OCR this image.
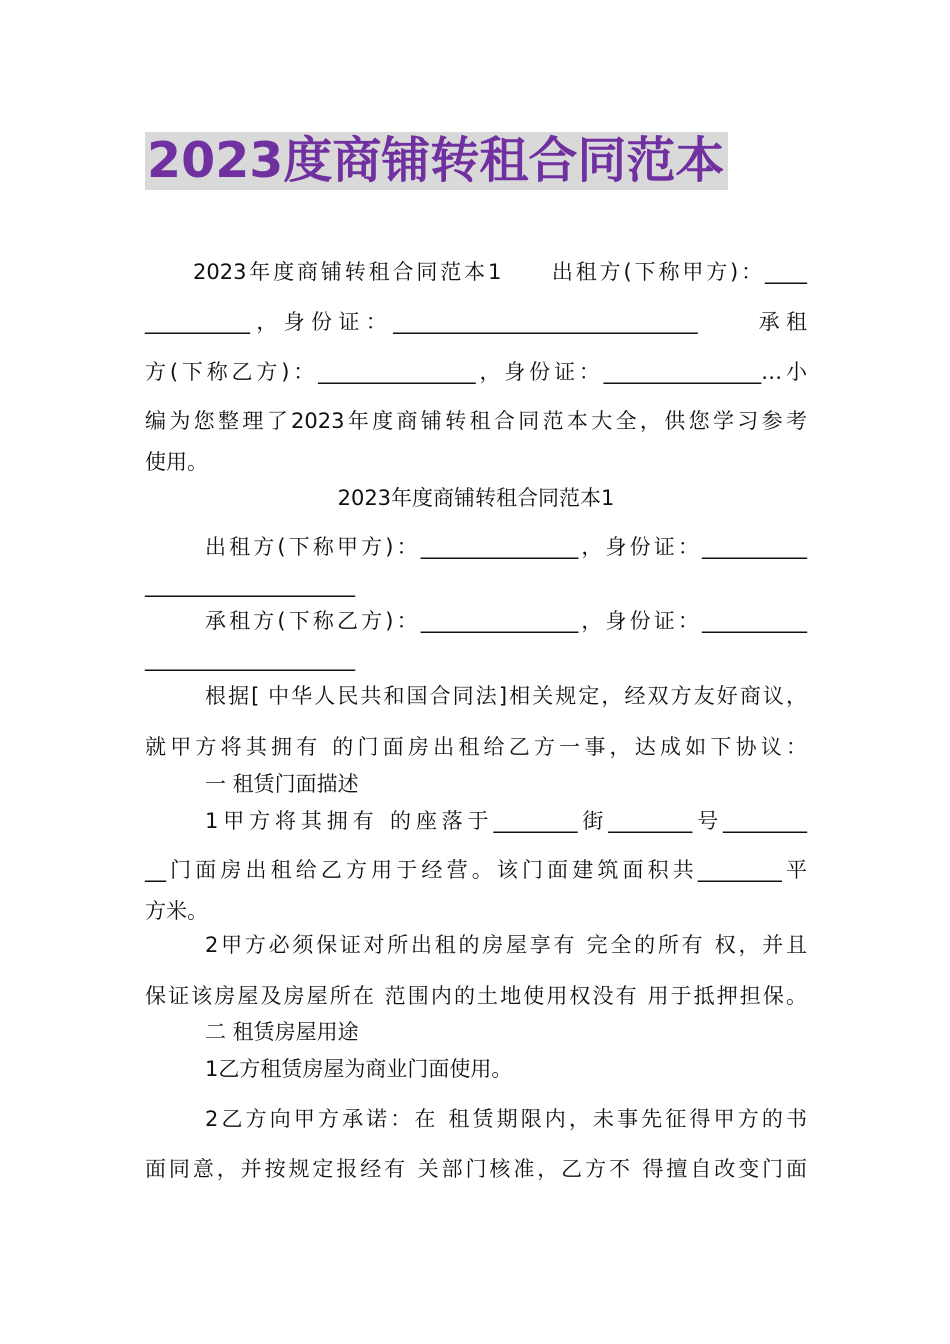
2023度商铺转租合同范本
2023年度商铺转租合同范本1　　出租方(下称甲方)：____
__________，身份证：_____________________________　　承租
方(下称乙方)：_______________，身份证：_______________…小
编为您整理了2023年度商铺转租合同范本大全，供您学习参考
使用。
2023年度商铺转租合同范本1
出租方(下称甲方)：_______________，身份证：__________
____________________
承租方(下称乙方)：_______________，身份证：__________
____________________
根据[ 中华人民共和国合同法]相关规定，经双方友好商议，
就甲方将其拥有 的门面房出租给乙方一事，达成如下协议：
一 租赁门面描述
1甲方将其拥有 的座落于________街________号________
__门面房出租给乙方用于经营。该门面建筑面积共________平
方米。
2甲方必须保证对所出租的房屋享有 完全的所有 权，并且
保证该房屋及房屋所在 范围内的土地使用权没有 用于抵押担保。
二 租赁房屋用途
1乙方租赁房屋为商业门面使用。
2乙方向甲方承诺：在 租赁期限内，未事先征得甲方的书
面同意，并按规定报经有 关部门核准，乙方不 得擅自改变门面
